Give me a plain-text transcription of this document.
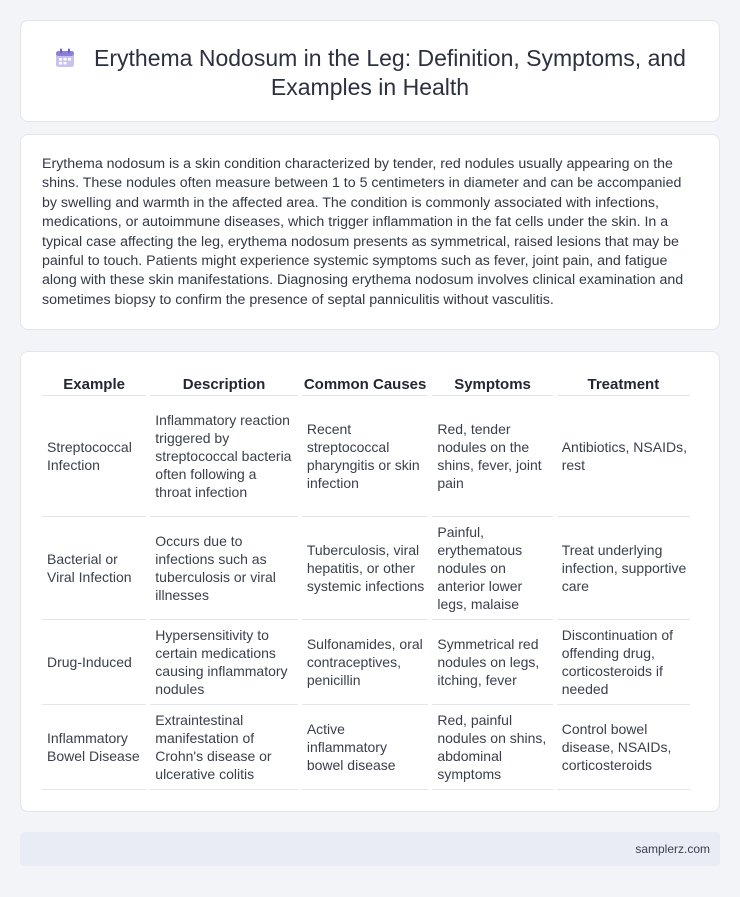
Erythema Nodosum in the Leg: Definition, Symptoms, and Examples in Health

Erythema nodosum is a skin condition characterized by tender, red nodules usually appearing on the shins. These nodules often measure between 1 to 5 centimeters in diameter and can be accompanied by swelling and warmth in the affected area. The condition is commonly associated with infections, medications, or autoimmune diseases, which trigger inflammation in the fat cells under the skin. In a typical case affecting the leg, erythema nodosum presents as symmetrical, raised lesions that may be painful to touch. Patients might experience systemic symptoms such as fever, joint pain, and fatigue along with these skin manifestations. Diagnosing erythema nodosum involves clinical examination and sometimes biopsy to confirm the presence of septal panniculitis without vasculitis.

Example	Description	Common Causes	Symptoms	Treatment
Streptococcal Infection	Inflammatory reaction triggered by streptococcal bacteria often following a throat infection	Recent streptococcal pharyngitis or skin infection	Red, tender nodules on the shins, fever, joint pain	Antibiotics, NSAIDs, rest
Bacterial or Viral Infection	Occurs due to infections such as tuberculosis or viral illnesses	Tuberculosis, viral hepatitis, or other systemic infections	Painful, erythematous nodules on anterior lower legs, malaise	Treat underlying infection, supportive care
Drug-Induced	Hypersensitivity to certain medications causing inflammatory nodules	Sulfonamides, oral contraceptives, penicillin	Symmetrical red nodules on legs, itching, fever	Discontinuation of offending drug, corticosteroids if needed
Inflammatory Bowel Disease	Extraintestinal manifestation of Crohn's disease or ulcerative colitis	Active inflammatory bowel disease	Red, painful nodules on shins, abdominal symptoms	Control bowel disease, NSAIDs, corticosteroids
samplerz.com
